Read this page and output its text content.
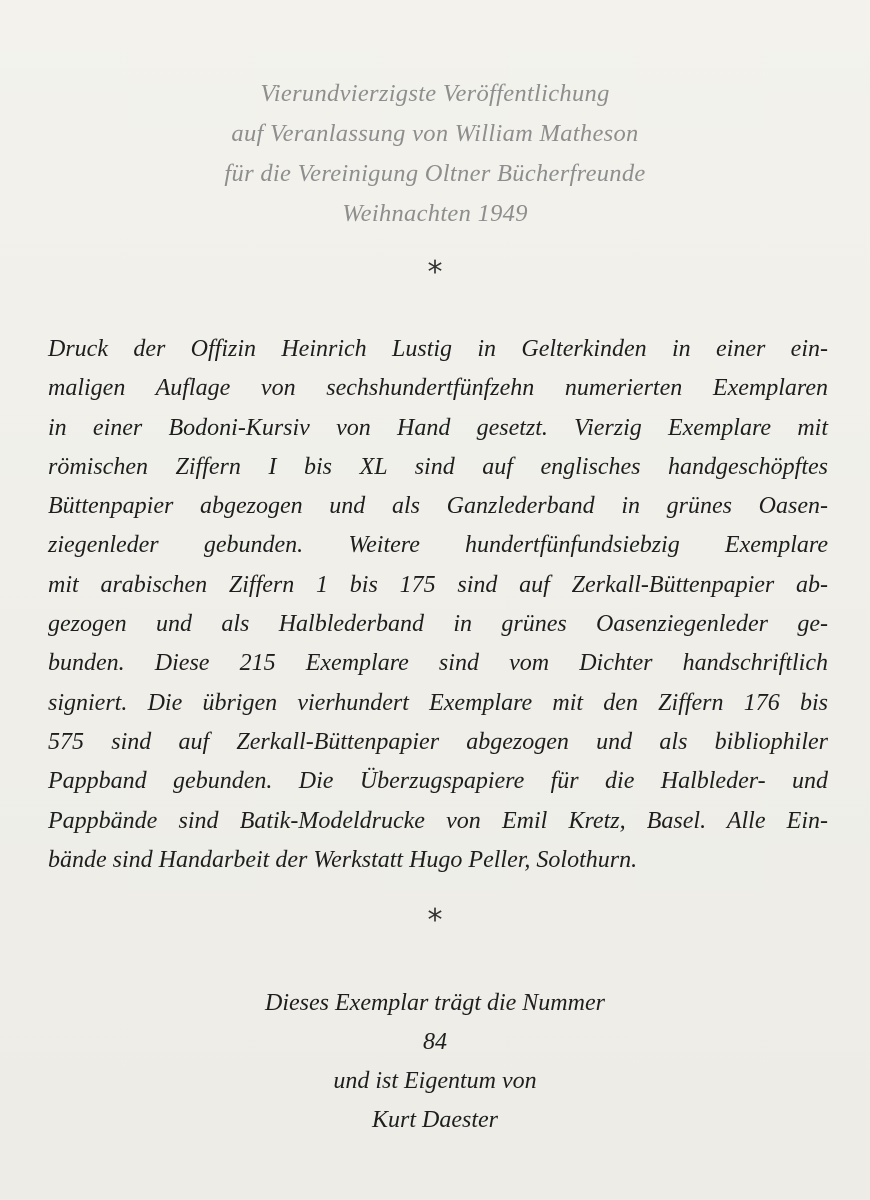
Vierundvierzigste Veröffentlichung
auf Veranlassung von William Matheson
für die Vereinigung Oltner Bücherfreunde
Weihnachten 1949
*
Druck der Offizin Heinrich Lustig in Gelterkinden in einer ein-
maligen Auflage von sechshundertfünfzehn numerierten Exemplaren
in einer Bodoni-Kursiv von Hand gesetzt. Vierzig Exemplare mit
römischen Ziffern I bis XL sind auf englisches handgeschöpftes
Büttenpapier abgezogen und als Ganzlederband in grünes Oasen-
ziegenleder gebunden. Weitere hundertfünfundsiebzig Exemplare
mit arabischen Ziffern 1 bis 175 sind auf Zerkall-Büttenpapier ab-
gezogen und als Halblederband in grünes Oasenziegenleder ge-
bunden. Diese 215 Exemplare sind vom Dichter handschriftlich
signiert. Die übrigen vierhundert Exemplare mit den Ziffern 176 bis
575 sind auf Zerkall-Büttenpapier abgezogen und als bibliophiler
Pappband gebunden. Die Überzugspapiere für die Halbleder- und
Pappbände sind Batik-Modeldrucke von Emil Kretz, Basel. Alle Ein-
bände sind Handarbeit der Werkstatt Hugo Peller, Solothurn.
*
Dieses Exemplar trägt die Nummer
84
und ist Eigentum von
Kurt Daester
